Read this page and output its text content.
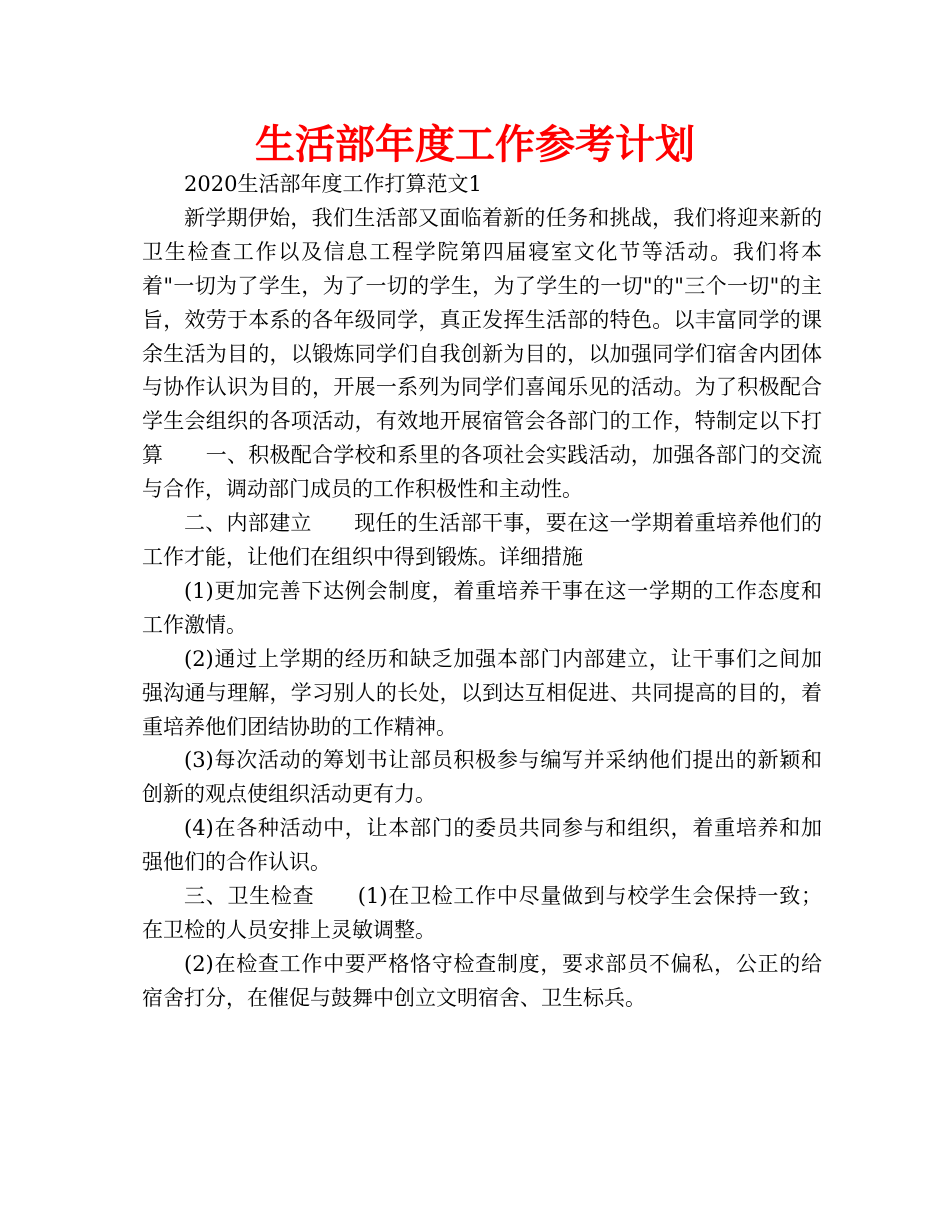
生活部年度工作参考计划

2020生活部年度工作打算范文1

新学期伊始，我们生活部又面临着新的任务和挑战，我们将迎来新的卫生检查工作以及信息工程学院第四届寝室文化节等活动。我们将本着"一切为了学生，为了一切的学生，为了学生的一切"的"三个一切"的主旨，效劳于本系的各年级同学，真正发挥生活部的特色。以丰富同学的课余生活为目的，以锻炼同学们自我创新为目的，以加强同学们宿舍内团体与协作认识为目的，开展一系列为同学们喜闻乐见的活动。为了积极配合学生会组织的各项活动，有效地开展宿管会各部门的工作，特制定以下打算　　一、积极配合学校和系里的各项社会实践活动，加强各部门的交流与合作，调动部门成员的工作积极性和主动性。

二、内部建立　　现任的生活部干事，要在这一学期着重培养他们的工作才能，让他们在组织中得到锻炼。详细措施

(1)更加完善下达例会制度，着重培养干事在这一学期的工作态度和工作激情。

(2)通过上学期的经历和缺乏加强本部门内部建立，让干事们之间加强沟通与理解，学习别人的长处，以到达互相促进、共同提高的目的，着重培养他们团结协助的工作精神。

(3)每次活动的筹划书让部员积极参与编写并采纳他们提出的新颖和创新的观点使组织活动更有力。

(4)在各种活动中，让本部门的委员共同参与和组织，着重培养和加强他们的合作认识。

三、卫生检查　　(1)在卫检工作中尽量做到与校学生会保持一致；在卫检的人员安排上灵敏调整。

(2)在检查工作中要严格恪守检查制度，要求部员不偏私，公正的给宿舍打分，在催促与鼓舞中创立文明宿舍、卫生标兵。
